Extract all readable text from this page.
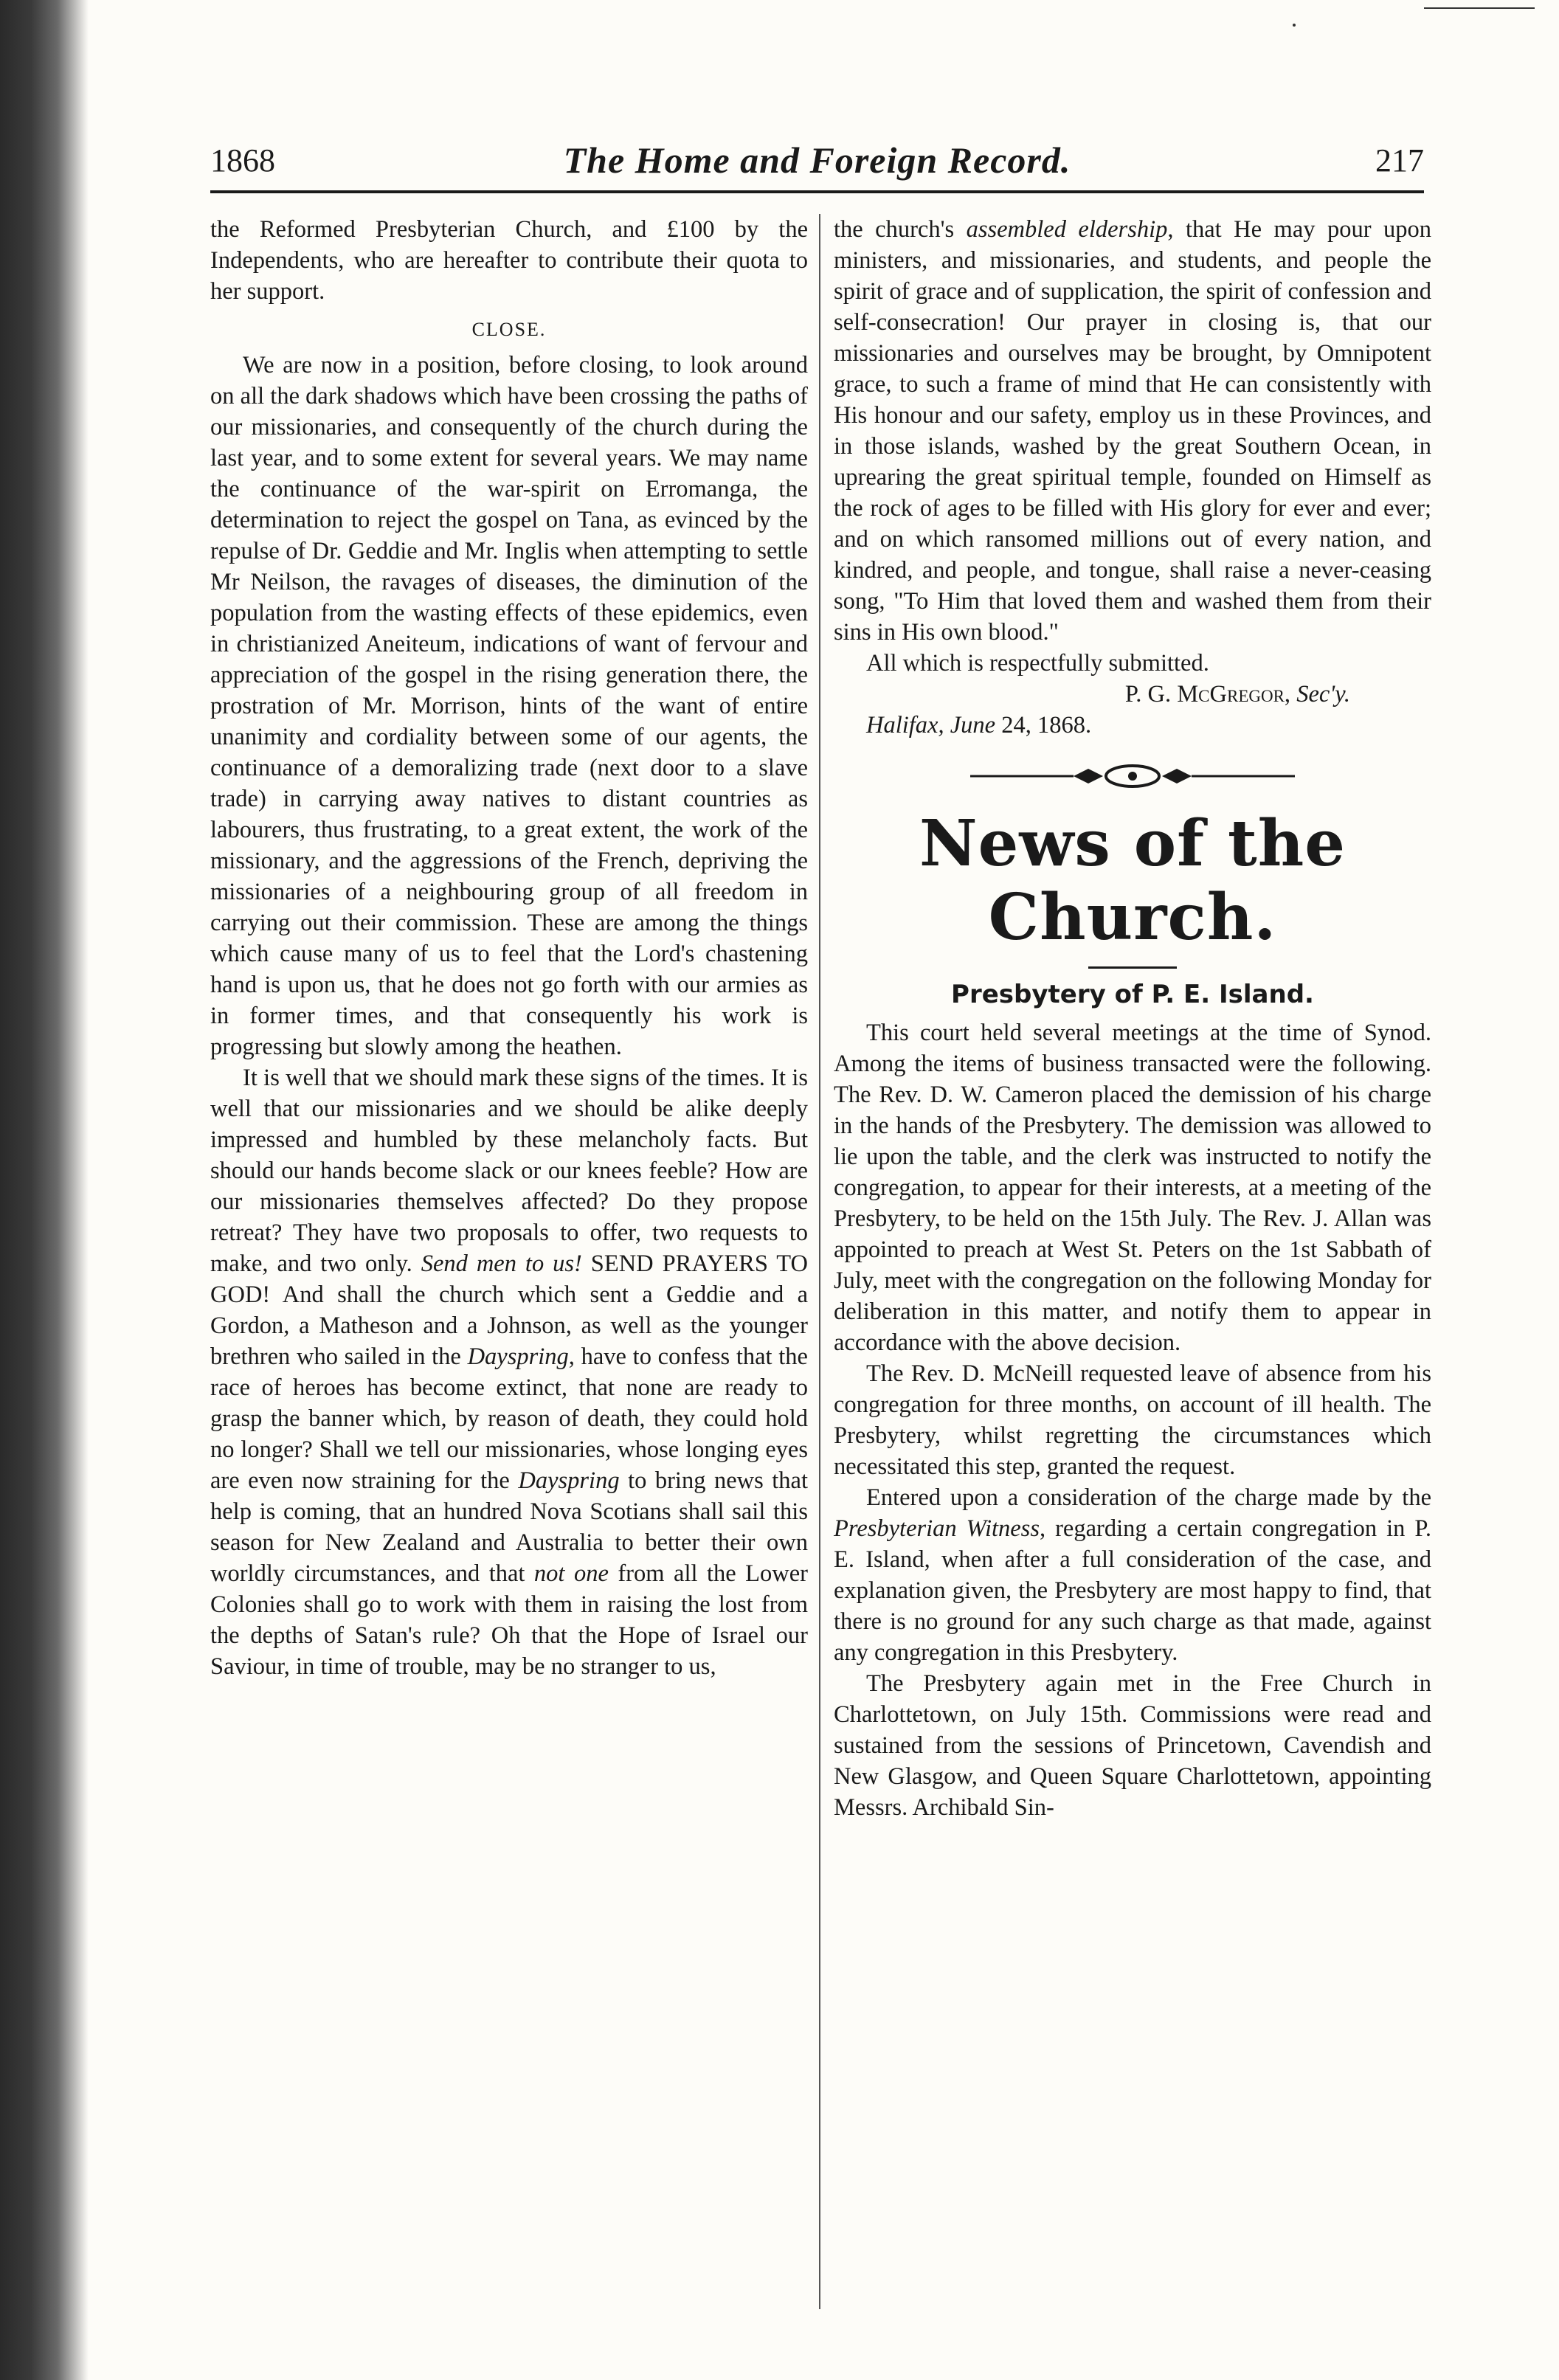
1868	The Home and Foreign Record.	217

the Reformed Presbyterian Church, and £100 by the Independents, who are hereafter to contribute their quota to her support.

CLOSE.

We are now in a position, before closing, to look around on all the dark shadows which have been crossing the paths of our missionaries, and consequently of the church during the last year, and to some extent for several years. We may name the continuance of the war-spirit on Erromanga, the determination to reject the gospel on Tana, as evinced by the repulse of Dr. Geddie and Mr. Inglis when attempting to settle Mr Neilson, the ravages of diseases, the diminution of the population from the wasting effects of these epidemics, even in christianized Aneiteum, indications of want of fervour and appreciation of the gospel in the rising generation there, the prostration of Mr. Morrison, hints of the want of entire unanimity and cordiality between some of our agents, the continuance of a demoralizing trade (next door to a slave trade) in carrying away natives to distant countries as labourers, thus frustrating, to a great extent, the work of the missionary, and the aggressions of the French, depriving the missionaries of a neighbouring group of all freedom in carrying out their commission. These are among the things which cause many of us to feel that the Lord's chastening hand is upon us, that he does not go forth with our armies as in former times, and that consequently his work is progressing but slowly among the heathen.

It is well that we should mark these signs of the times. It is well that our missionaries and we should be alike deeply impressed and humbled by these melancholy facts. But should our hands become slack or our knees feeble? How are our missionaries themselves affected? Do they propose retreat? They have two proposals to offer, two requests to make, and two only. Send men to us! SEND PRAYERS TO GOD! And shall the church which sent a Geddie and a Gordon, a Matheson and a Johnson, as well as the younger brethren who sailed in the Dayspring, have to confess that the race of heroes has become extinct, that none are ready to grasp the banner which, by reason of death, they could hold no longer? Shall we tell our missionaries, whose longing eyes are even now straining for the Dayspring to bring news that help is coming, that an hundred Nova Scotians shall sail this season for New Zealand and Australia to better their own worldly circumstances, and that not one from all the Lower Colonies shall go to work with them in raising the lost from the depths of Satan's rule? Oh that the Hope of Israel our Saviour, in time of trouble, may be no stranger to us,

the church's assembled eldership, that He may pour upon ministers, and missionaries, and students, and people the spirit of grace and of supplication, the spirit of confession and self-consecration! Our prayer in closing is, that our missionaries and ourselves may be brought, by Omnipotent grace, to such a frame of mind that He can consistently with His honour and our safety, employ us in these Provinces, and in those islands, washed by the great Southern Ocean, in uprearing the great spiritual temple, founded on Himself as the rock of ages to be filled with His glory for ever and ever; and on which ransomed millions out of every nation, and kindred, and people, and tongue, shall raise a never-ceasing song, "To Him that loved them and washed them from their sins in His own blood."

All which is respectfully submitted.

P. G. McGregor, Sec'y.

Halifax, June 24, 1868.

News of the Church.
Presbytery of P. E. Island.

This court held several meetings at the time of Synod. Among the items of business transacted were the following. The Rev. D. W. Cameron placed the demission of his charge in the hands of the Presbytery. The demission was allowed to lie upon the table, and the clerk was instructed to notify the congregation, to appear for their interests, at a meeting of the Presbytery, to be held on the 15th July. The Rev. J. Allan was appointed to preach at West St. Peters on the 1st Sabbath of July, meet with the congregation on the following Monday for deliberation in this matter, and notify them to appear in accordance with the above decision.

The Rev. D. McNeill requested leave of absence from his congregation for three months, on account of ill health. The Presbytery, whilst regretting the circumstances which necessitated this step, granted the request.

Entered upon a consideration of the charge made by the Presbyterian Witness, regarding a certain congregation in P. E. Island, when after a full consideration of the case, and explanation given, the Presbytery are most happy to find, that there is no ground for any such charge as that made, against any congregation in this Presbytery.

The Presbytery again met in the Free Church in Charlottetown, on July 15th. Commissions were read and sustained from the sessions of Princetown, Cavendish and New Glasgow, and Queen Square Charlottetown, appointing Messrs. Archibald Sin-
